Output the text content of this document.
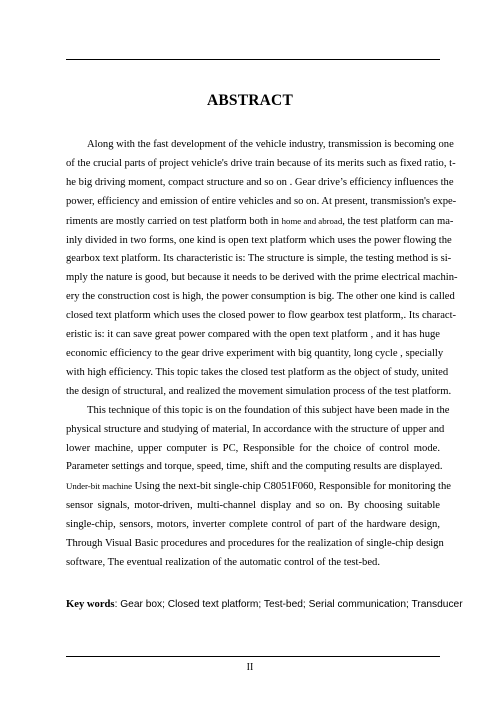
ABSTRACT

Along with the fast development of the vehicle industry, transmission is becoming one
of the crucial parts of project vehicle's drive train because of its merits such as fixed ratio, t-
he big driving moment, compact structure and so on . Gear drive’s efficiency influences the
power, efficiency and emission of entire vehicles and so on. At present, transmission's expe-
riments are mostly carried on test platform both in home and abroad, the test platform can ma-
inly divided in two forms, one kind is open text platform which uses the power flowing the
gearbox text platform. Its characteristic is: The structure is simple, the testing method is si-
mply the nature is good, but because it needs to be derived with the prime electrical machin-
ery the construction cost is high, the power consumption is big. The other one kind is called
closed text platform which uses the closed power to flow gearbox test platform,. Its charact-
eristic is: it can save great power compared with the open text platform , and it has huge
economic efficiency to the gear drive experiment with big quantity, long cycle , specially
with high efficiency. This topic takes the closed test platform as the object of study, united
the design of structural, and realized the movement simulation process of the test platform.

This technique of this topic is on the foundation of this subject have been made in the
physical structure and studying of material, In accordance with the structure of upper and
lower machine, upper computer is PC, Responsible for the choice of control mode.
Parameter settings and torque, speed, time, shift and the computing results are displayed.
Under-bit machine Using the next-bit single-chip C8051F060, Responsible for monitoring the
sensor signals, motor-driven, multi-channel display and so on. By choosing suitable
single-chip, sensors, motors, inverter complete control of part of the hardware design,
Through Visual Basic procedures and procedures for the realization of single-chip design
software, The eventual realization of the automatic control of the test-bed.

Key words: Gear box; Closed text platform; Test-bed; Serial communication; Transducer

II
